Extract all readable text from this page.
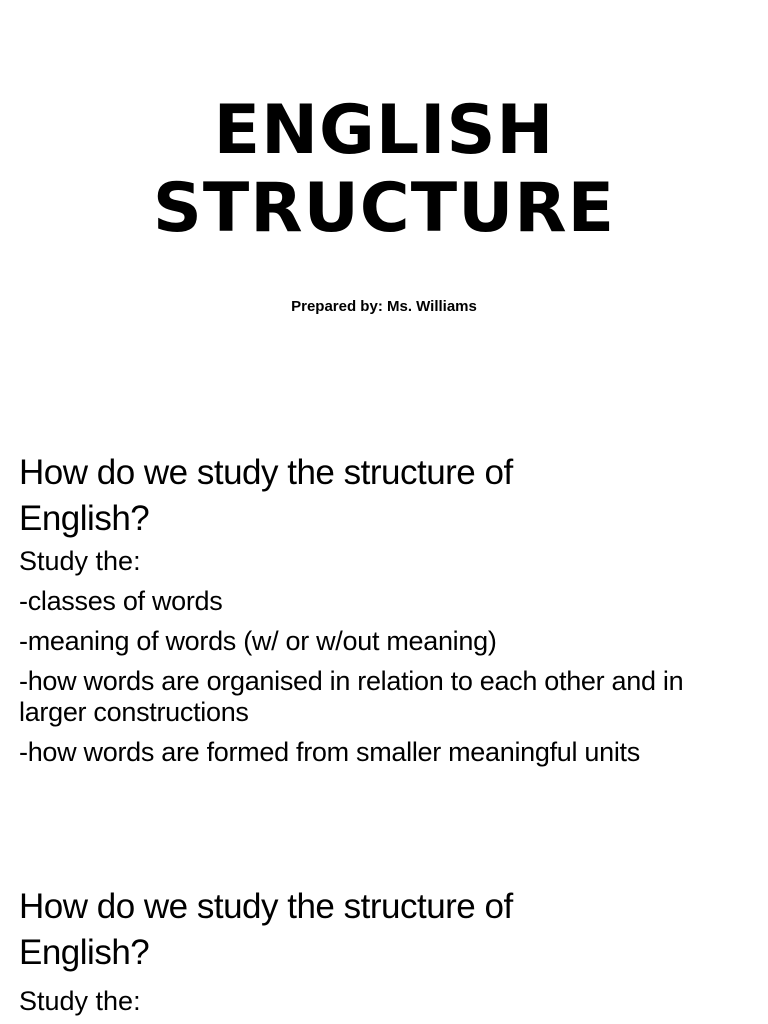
ENGLISH
STRUCTURE

Prepared by: Ms. Williams

How do we study the structure of
English?

Study the:

-classes of words
-meaning of words (w/ or w/out meaning)
-how words are organised in relation to each other and in larger constructions
-how words are formed from smaller meaningful units
How do we study the structure of
English?

Study the:
